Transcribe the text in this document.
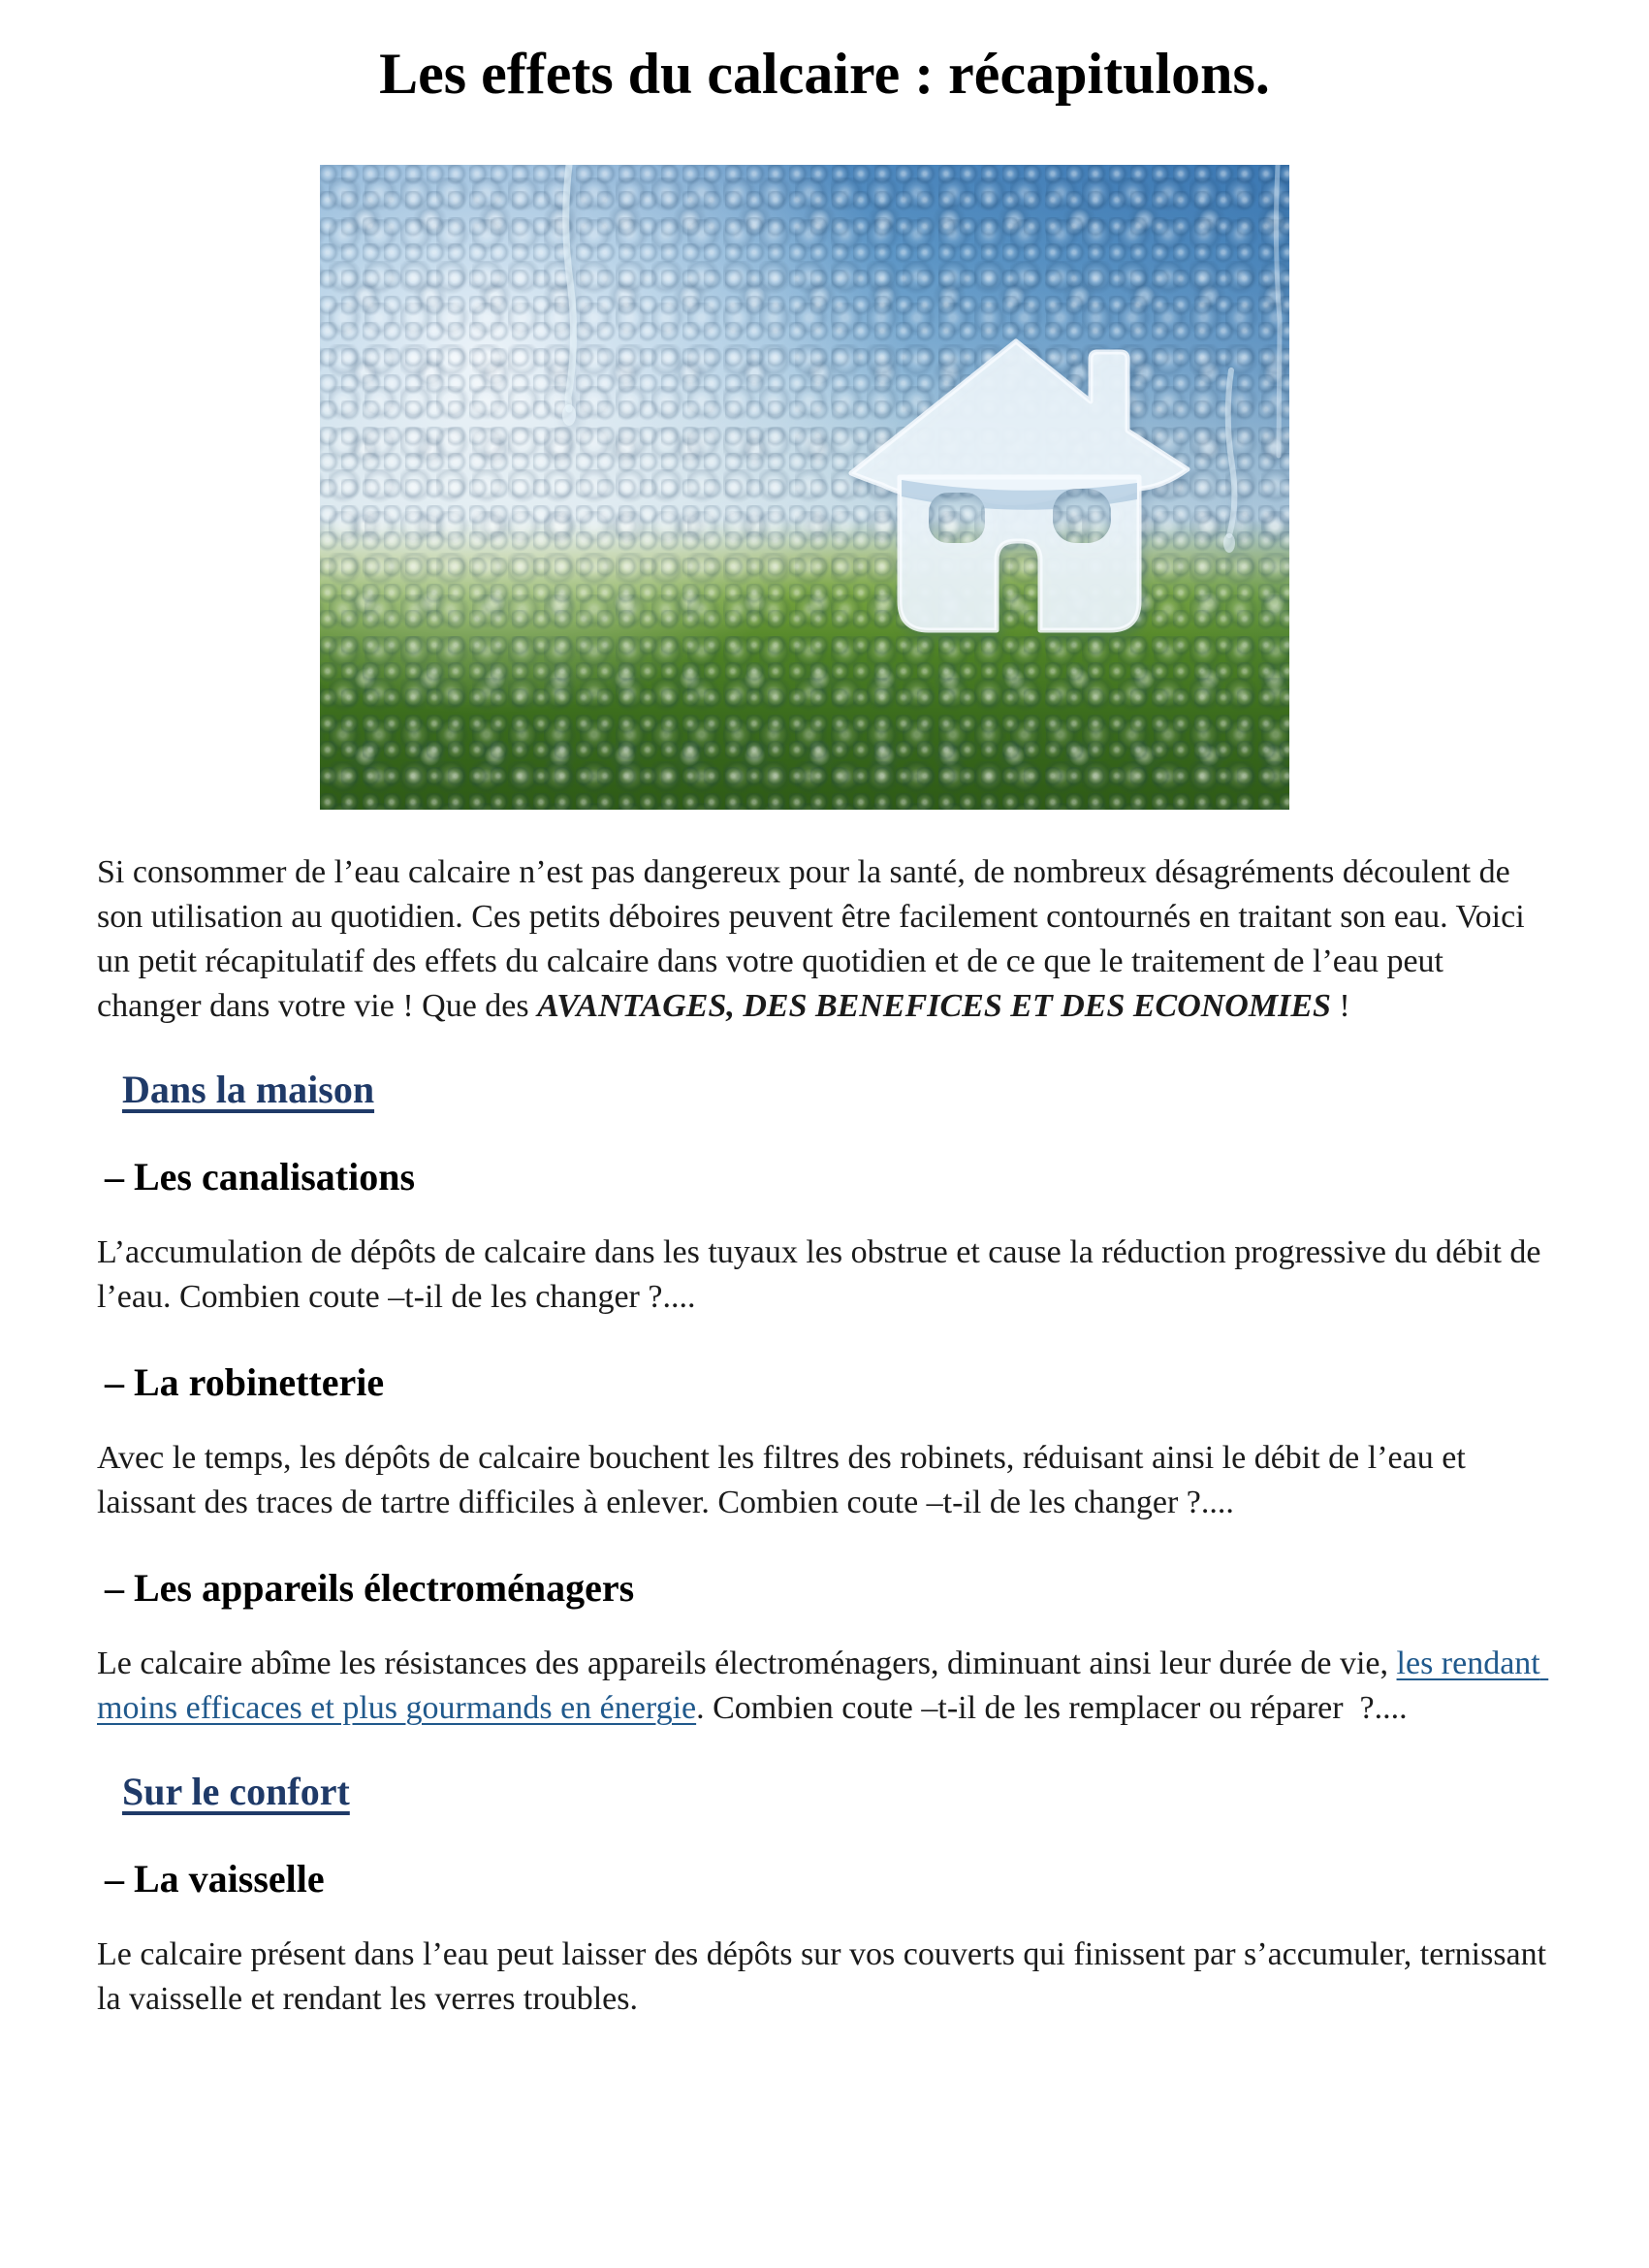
Les effets du calcaire : récapitulons.

Si consommer de l’eau calcaire n’est pas dangereux pour la santé, de nombreux désagréments découlent de son utilisation au quotidien. Ces petits déboires peuvent être facilement contournés en traitant son eau. Voici un petit récapitulatif des effets du calcaire dans votre quotidien et de ce que le traitement de l’eau peut changer dans votre vie ! Que des AVANTAGES, DES BENEFICES ET DES ECONOMIES !

Dans la maison
– Les canalisations

L’accumulation de dépôts de calcaire dans les tuyaux les obstrue et cause la réduction progressive du débit de l’eau. Combien coute –t-il de les changer ?....

– La robinetterie

Avec le temps, les dépôts de calcaire bouchent les filtres des robinets, réduisant ainsi le débit de l’eau et laissant des traces de tartre difficiles à enlever. Combien coute –t-il de les changer ?....

– Les appareils électroménagers

Le calcaire abîme les résistances des appareils électroménagers, diminuant ainsi leur durée de vie, les rendant moins efficaces et plus gourmands en énergie. Combien coute –t-il de les remplacer ou réparer  ?....

Sur le confort
– La vaisselle

Le calcaire présent dans l’eau peut laisser des dépôts sur vos couverts qui finissent par s’accumuler, ternissant la vaisselle et rendant les verres troubles.
